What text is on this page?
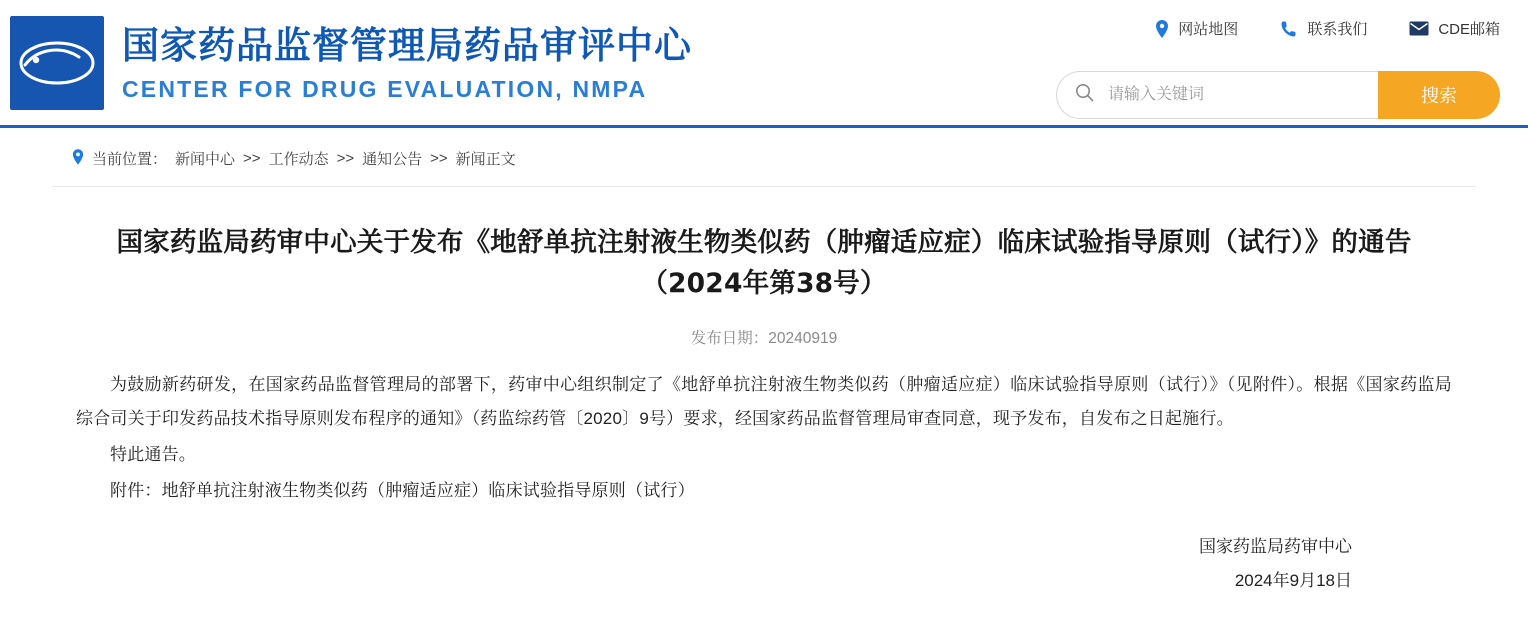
国家药品监督管理局药品审评中心
CENTER FOR DRUG EVALUATION, NMPA
网站地图	联系我们	CDE邮箱
请输入关键词
搜索
当前位置： 新闻中心 >> 工作动态 >> 通知公告 >> 新闻正文
国家药监局药审中心关于发布《地舒单抗注射液生物类似药（肿瘤适应症）临床试验指导原则（试行）》的通告（2024年第38号）
发布日期：20240919

为鼓励新药研发，在国家药品监督管理局的部署下，药审中心组织制定了《地舒单抗注射液生物类似药（肿瘤适应症）临床试验指导原则（试行）》（见附件）。根据《国家药监局综合司关于印发药品技术指导原则发布程序的通知》（药监综药管〔2020〕9号）要求，经国家药品监督管理局审查同意，现予发布，自发布之日起施行。

特此通告。

附件：地舒单抗注射液生物类似药（肿瘤适应症）临床试验指导原则（试行）

国家药监局药审中心
2024年9月18日
